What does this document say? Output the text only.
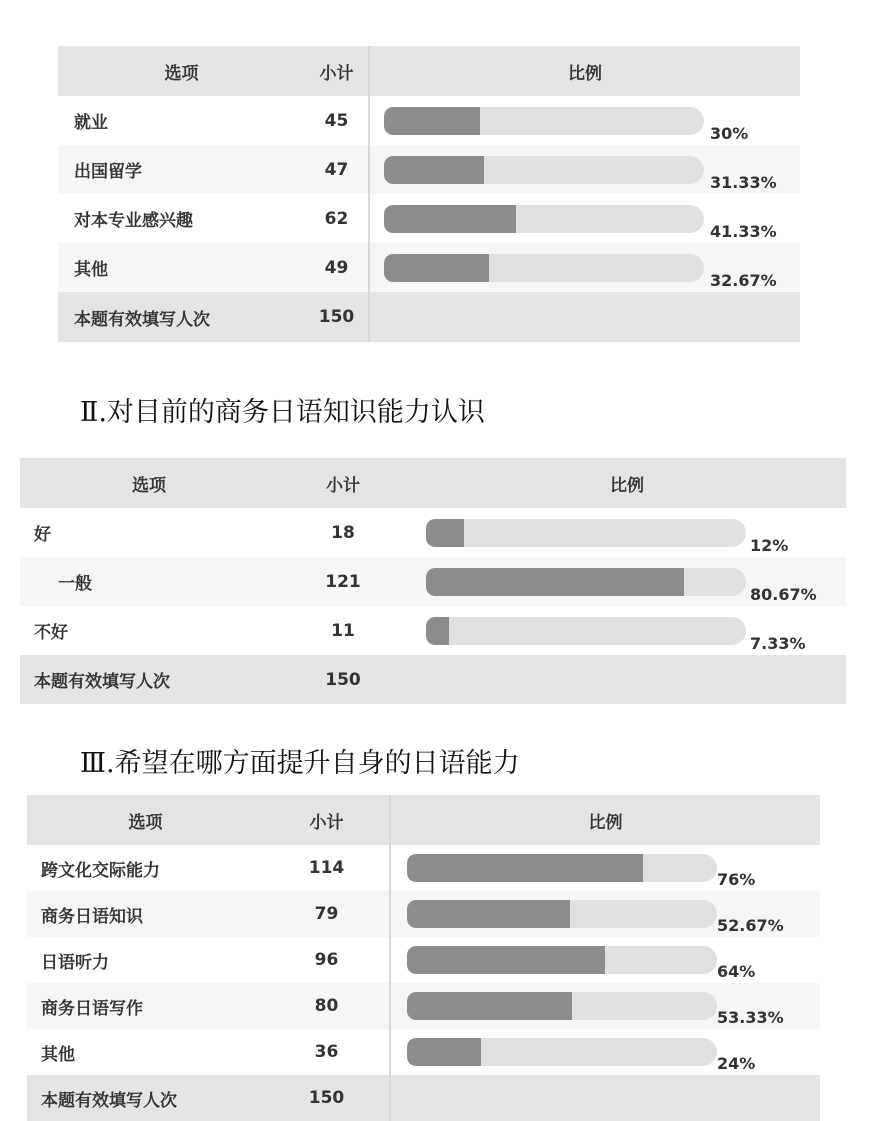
选项	小计	比例
就业	45	30%

出国留学	47	31.33%

对本专业感兴趣	62	41.33%

其他	49	32.67%

本题有效填写人次	150	
Ⅱ.对目前的商务日语知识能力认识
选项	小计	比例
好	18	12%

一般	121	80.67%

不好	11	7.33%

本题有效填写人次	150	
Ⅲ.希望在哪方面提升自身的日语能力
选项	小计	比例
跨文化交际能力	114	76%

商务日语知识	79	52.67%

日语听力	96	64%

商务日语写作	80	53.33%

其他	36	24%

本题有效填写人次	150	
